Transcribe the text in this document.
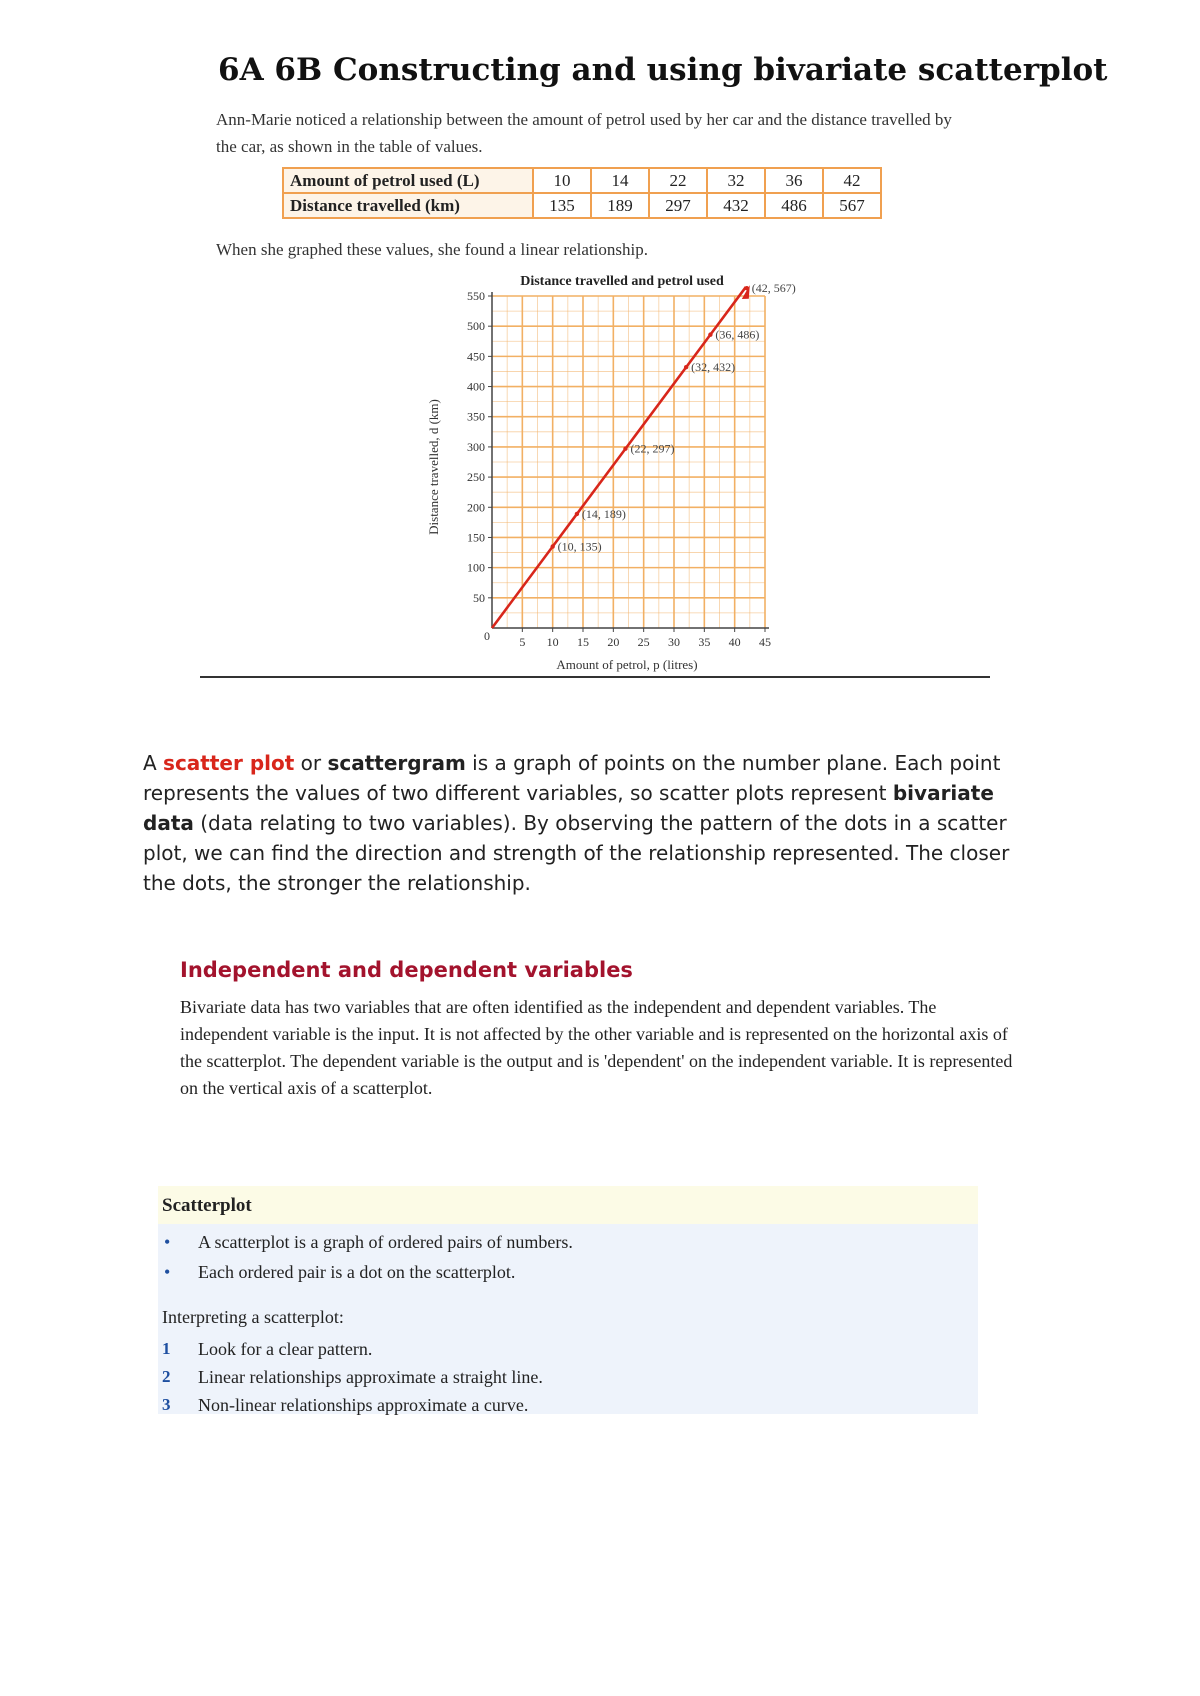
6A 6B Constructing and using bivariate scatterplot

Ann-Marie noticed a relationship between the amount of petrol used by her car and the distance travelled by the car, as shown in the table of values.

Amount of petrol used (L)	10	14	22	32	36	42
Distance travelled (km)	135	189	297	432	486	567

When she graphed these values, she found a linear relationship.

Distance travelled and petrol used
5 10 15 20 25 30 35 40 45
50
100
150
200
250
300
350
400
450
500
550
(10, 135)
(14, 189)
(22, 297)
(32, 432)
(36, 486)
(42, 567)
Amount of petrol, p (litres)
Distance travelled, d (km)
0

A scatter plot or scattergram is a graph of points on the number plane. Each point represents the values of two different variables, so scatter plots represent bivariate data (data relating to two variables). By observing the pattern of the dots in a scatter plot, we can find the direction and strength of the relationship represented. The closer the dots, the stronger the relationship.

Independent and dependent variables

Bivariate data has two variables that are often identified as the independent and dependent variables. The independent variable is the input. It is not affected by the other variable and is represented on the horizontal axis of the scatterplot. The dependent variable is the output and is 'dependent' on the independent variable. It is represented on the vertical axis of a scatterplot.

Scatterplot

• A scatterplot is a graph of ordered pairs of numbers.
• Each ordered pair is a dot on the scatterplot.

Interpreting a scatterplot:

1 Look for a clear pattern.
2 Linear relationships approximate a straight line.
3 Non-linear relationships approximate a curve.
